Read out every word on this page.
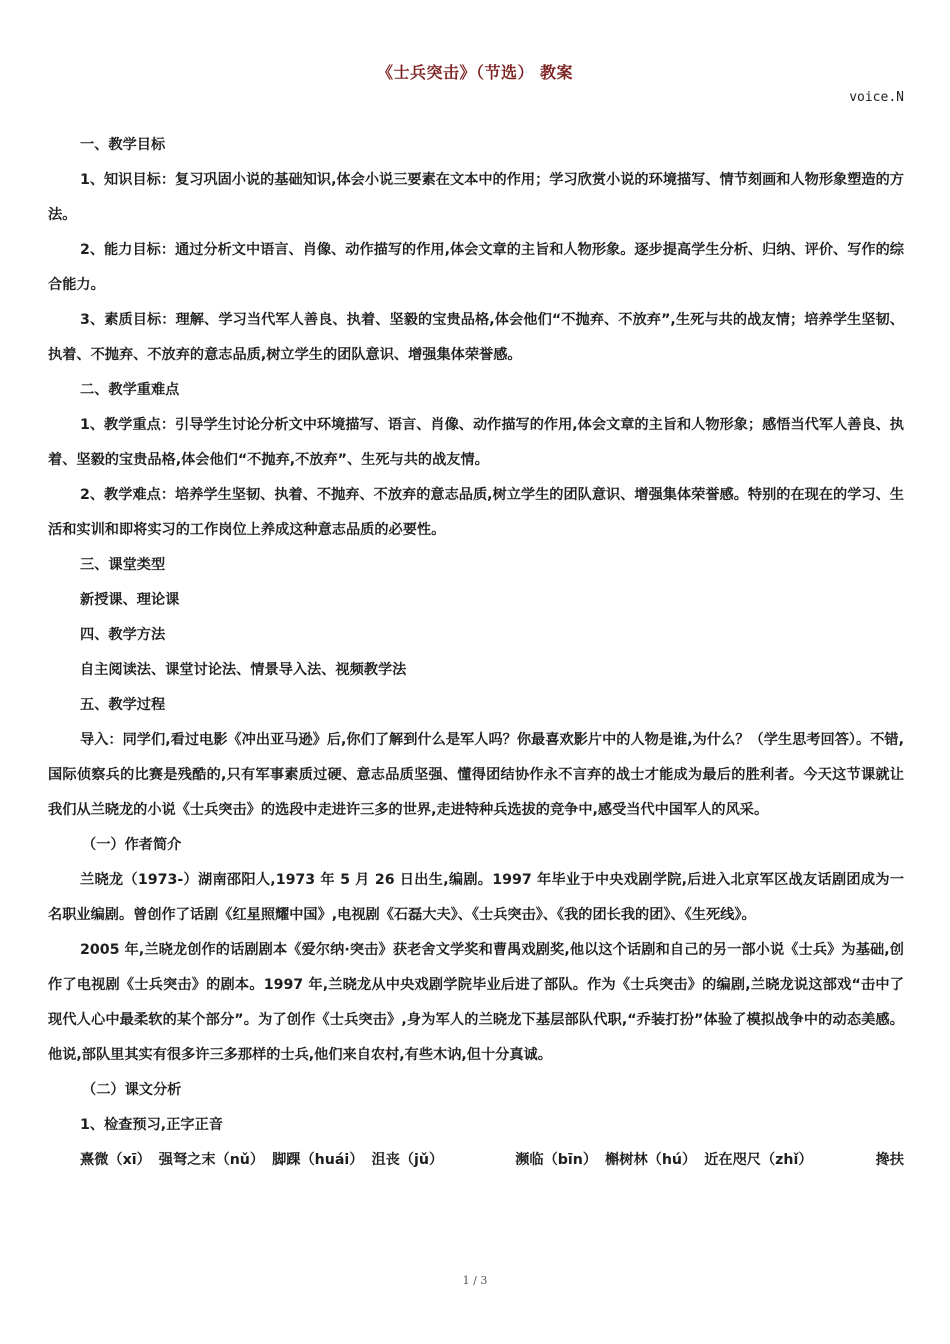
《士兵突击》（节选） 教案
voice.N

一、教学目标

1、知识目标：复习巩固小说的基础知识,体会小说三要素在文本中的作用；学习欣赏小说的环境描写、情节刻画和人物形象塑造的方法。

2、能力目标：通过分析文中语言、肖像、动作描写的作用,体会文章的主旨和人物形象。逐步提高学生分析、归纳、评价、写作的综合能力。

3、素质目标：理解、学习当代军人善良、执着、坚毅的宝贵品格,体会他们“不抛弃、不放弃”,生死与共的战友情；培养学生坚韧、执着、不抛弃、不放弃的意志品质,树立学生的团队意识、增强集体荣誉感。

二、教学重难点

1、教学重点：引导学生讨论分析文中环境描写、语言、肖像、动作描写的作用,体会文章的主旨和人物形象；感悟当代军人善良、执着、坚毅的宝贵品格,体会他们“不抛弃,不放弃”、生死与共的战友情。

2、教学难点：培养学生坚韧、执着、不抛弃、不放弃的意志品质,树立学生的团队意识、增强集体荣誉感。特别的在现在的学习、生活和实训和即将实习的工作岗位上养成这种意志品质的必要性。

三、课堂类型

新授课、理论课

四、教学方法

自主阅读法、课堂讨论法、情景导入法、视频教学法

五、教学过程

导入：同学们,看过电影《冲出亚马逊》后,你们了解到什么是军人吗？你最喜欢影片中的人物是谁,为什么？（学生思考回答）。不错,国际侦察兵的比赛是残酷的,只有军事素质过硬、意志品质坚强、懂得团结协作永不言弃的战士才能成为最后的胜利者。今天这节课就让我们从兰晓龙的小说《士兵突击》的选段中走进许三多的世界,走进特种兵选拔的竞争中,感受当代中国军人的风采。

（一）作者简介

兰晓龙（1973-）湖南邵阳人,1973 年 5 月 26 日出生,编剧。1997 年毕业于中央戏剧学院,后进入北京军区战友话剧团成为一名职业编剧。曾创作了话剧《红星照耀中国》,电视剧《石磊大夫》、《士兵突击》、《我的团长我的团》、《生死线》。

2005 年,兰晓龙创作的话剧剧本《爱尔纳·突击》获老舍文学奖和曹禺戏剧奖,他以这个话剧和自己的另一部小说《士兵》为基础,创作了电视剧《士兵突击》的剧本。1997 年,兰晓龙从中央戏剧学院毕业后进了部队。作为《士兵突击》的编剧,兰晓龙说这部戏“击中了现代人心中最柔软的某个部分”。为了创作《士兵突击》,身为军人的兰晓龙下基层部队代职,“乔装打扮”体验了模拟战争中的动态美感。他说,部队里其实有很多许三多那样的士兵,他们来自农村,有些木讷,但十分真诚。

（二）课文分析

1、检查预习,正字正音

熹微（xī） 强弩之末（nǔ） 脚踝（huái） 沮丧（jǔ）	濒临（bīn） 槲树林（hú） 近在咫尺（zhǐ）	搀扶
1 / 3
